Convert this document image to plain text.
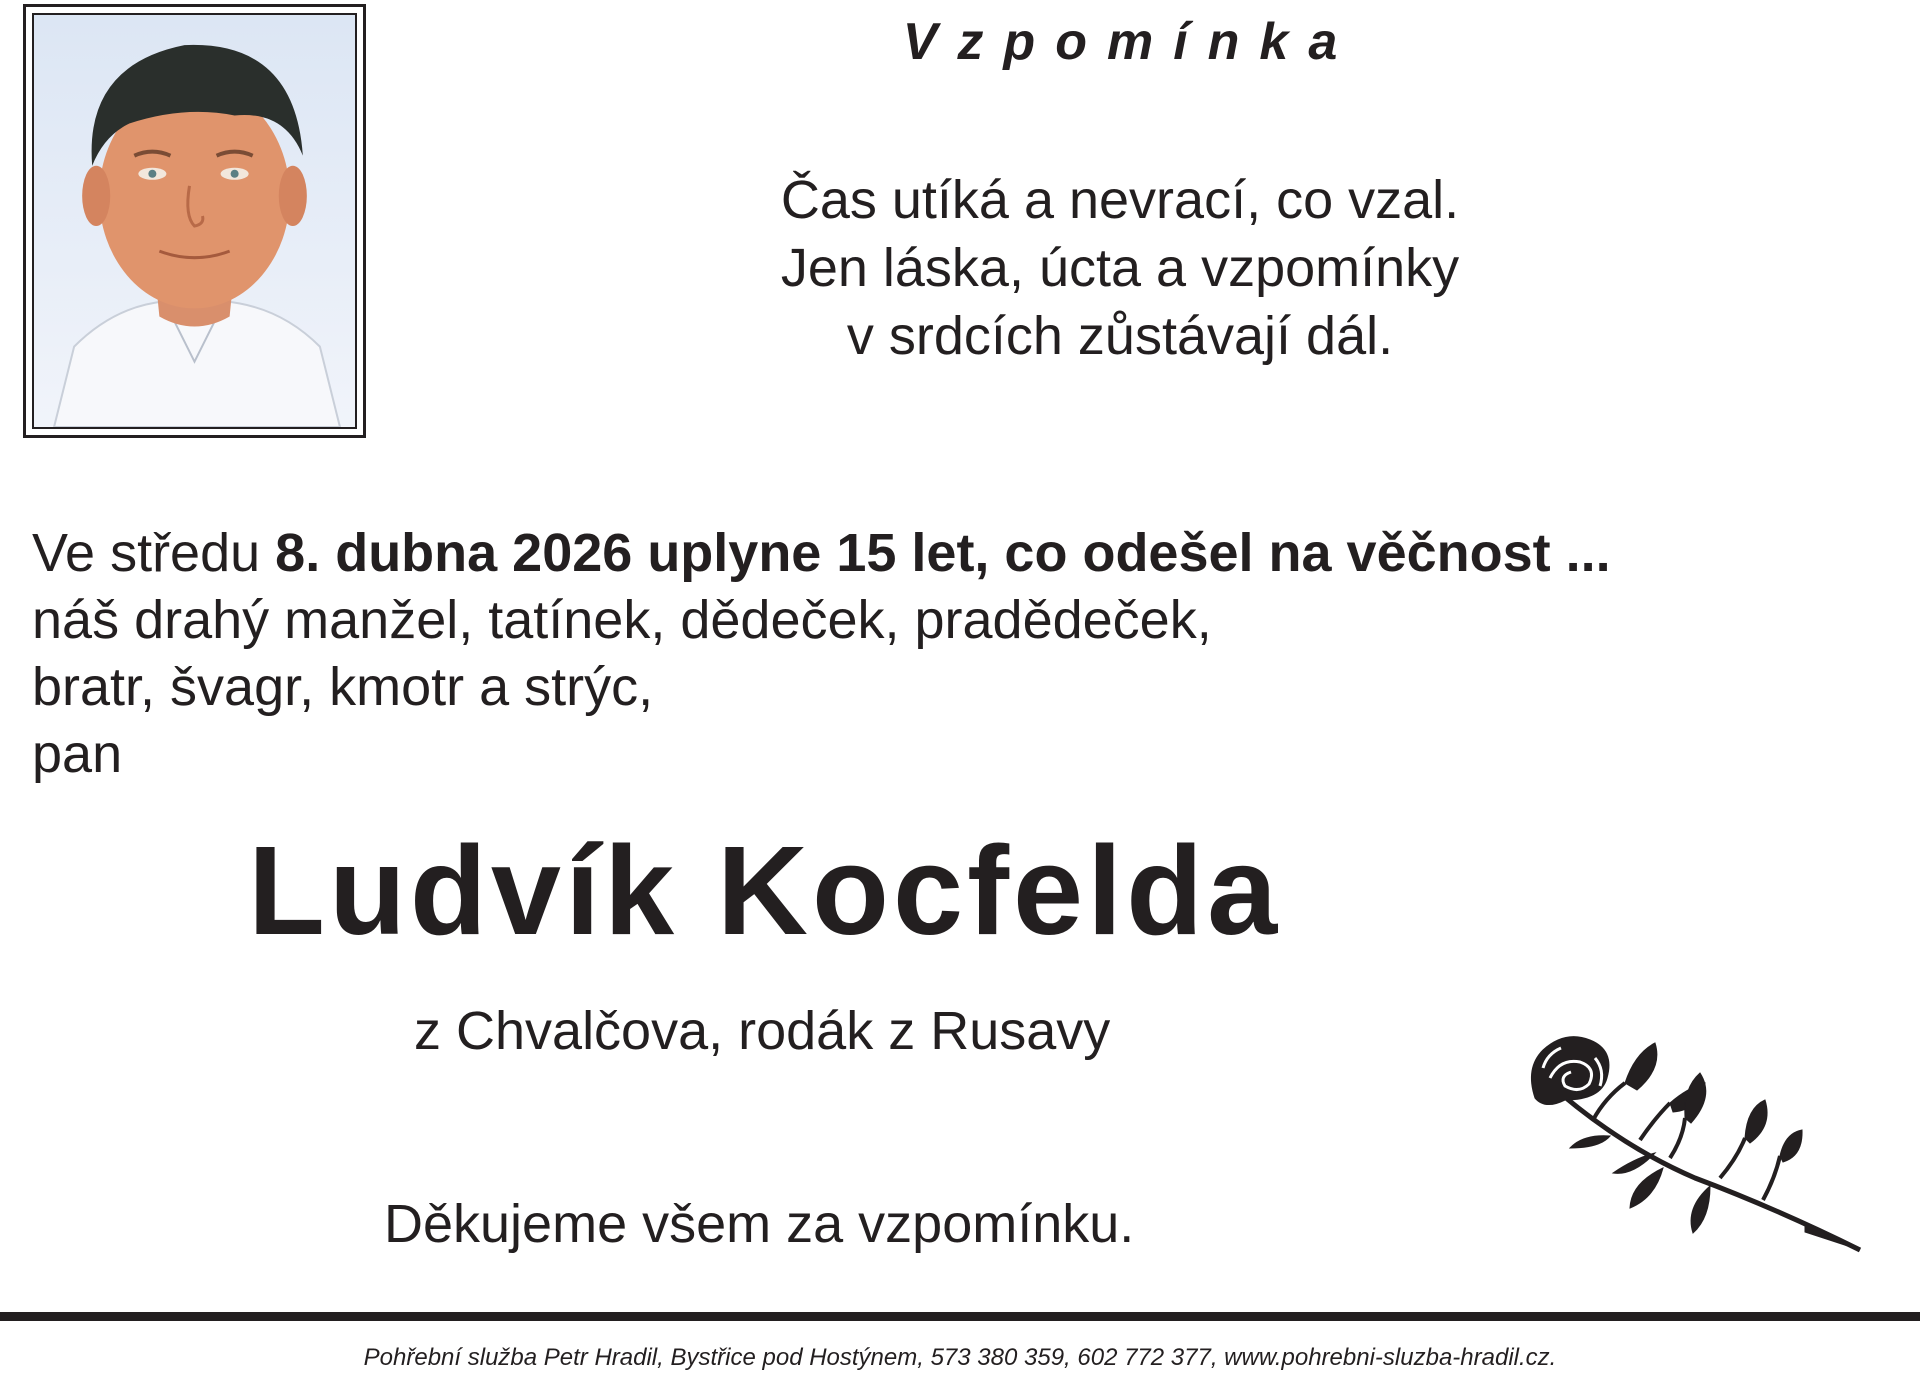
Vzpomínka
Čas utíká a nevrací, co vzal.
Jen láska, úcta a vzpomínky
v srdcích zůstávají dál.
Ve středu 8. dubna 2026 uplyne 15 let, co odešel na věčnost ...
náš drahý manžel, tatínek, dědeček, pradědeček,
bratr, švagr, kmotr a strýc,
pan
Ludvík Kocfelda
z Chvalčova, rodák z Rusavy
Děkujeme všem za vzpomínku.
Pohřební služba Petr Hradil, Bystřice pod Hostýnem, 573 380 359, 602 772 377, www.pohrebni-sluzba-hradil.cz.
